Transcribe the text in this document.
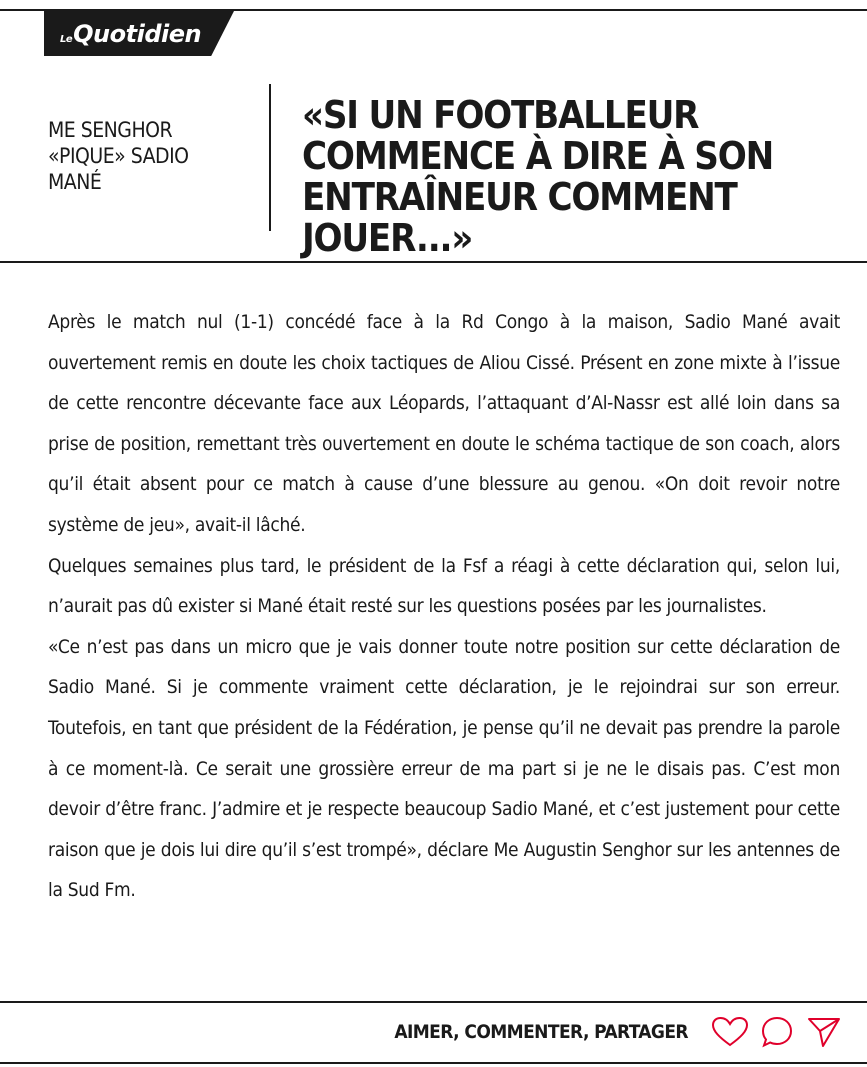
LeQuotidien
ME SENGHOR «PIQUE» SADIO MANÉ
«SI UN FOOTBALLEUR COMMENCE À DIRE À SON ENTRAÎNEUR COMMENT JOUER...»

Après le match nul (1-1) concédé face à la Rd Congo à la maison, Sadio Mané avait ouvertement remis en doute les choix tactiques de Aliou Cissé. Présent en zone mixte à l’issue de cette rencontre décevante face aux Léopards, l’attaquant d’Al-Nassr est allé loin dans sa prise de position, remettant très ouvertement en doute le schéma tactique de son coach, alors qu’il était absent pour ce match à cause d’une blessure au genou. «On doit revoir notre système de jeu», avait-il lâché.

Quelques semaines plus tard, le président de la Fsf a réagi à cette déclaration qui, selon lui, n’aurait pas dû exister si Mané était resté sur les questions posées par les journalistes.

«Ce n’est pas dans un micro que je vais donner toute notre position sur cette déclaration de Sadio Mané. Si je commente vraiment cette déclaration, je le rejoindrai sur son erreur. Toutefois, en tant que président de la Fédération, je pense qu’il ne devait pas prendre la parole à ce moment-là. Ce serait une grossière erreur de ma part si je ne le disais pas. C’est mon devoir d’être franc. J’admire et je respecte beaucoup Sadio Mané, et c’est justement pour cette raison que je dois lui dire qu’il s’est trompé», déclare Me Augustin Senghor sur les antennes de la Sud Fm.

AIMER, COMMENTER, PARTAGER
